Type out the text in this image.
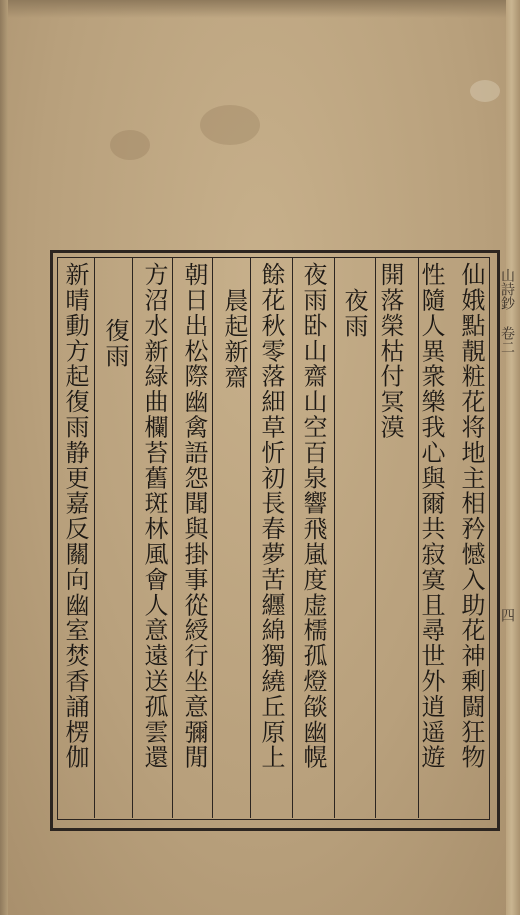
山詩鈔 卷二
四
仙娥點靚粧花将地主相矜憾入助花神剰闘狂物
性隨人異衆樂我心與爾共寂寞且尋世外逍遥遊
開落榮枯付冥漠
夜雨
夜雨卧山齋山空百泉響飛嵐度虚檽孤燈燄幽幌
餘花秋零落細草忻初長春夢苦纒綿獨繞丘原上
晨起新齋
朝日出松際幽禽語怨聞與掛事從綬行坐意彌閒
方沼水新緑曲欄苔舊斑林風會人意遠送孤雲還
復雨
新晴動方起復雨静更嘉反關向幽室焚香誦楞伽
